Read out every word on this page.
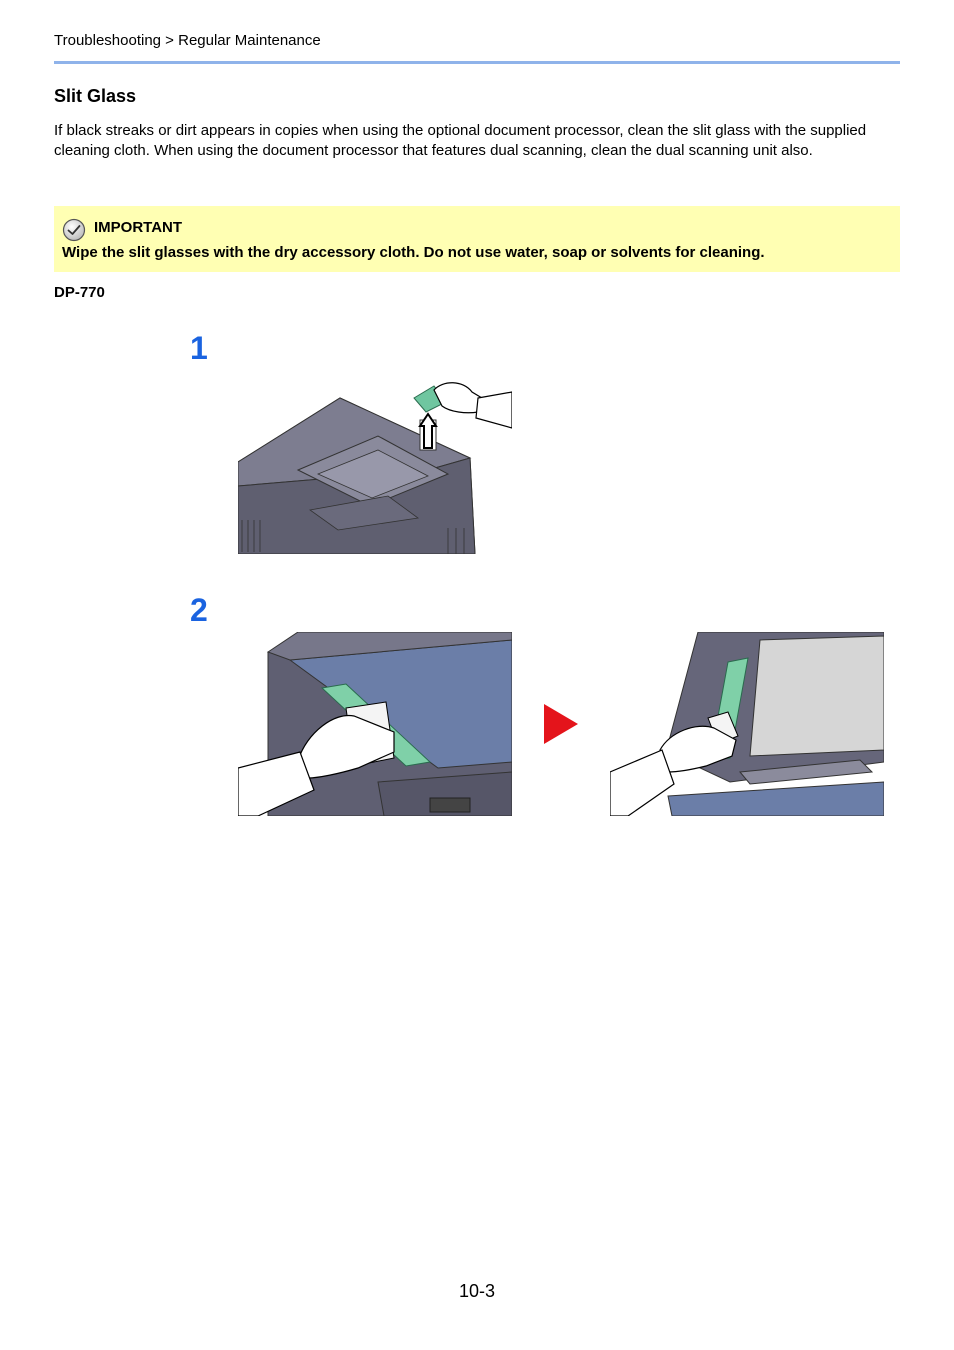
Troubleshooting > Regular Maintenance
Slit Glass

If black streaks or dirt appears in copies when using the optional document processor, clean the slit glass with the supplied cleaning cloth. When using the document processor that features dual scanning, clean the dual scanning unit also.

IMPORTANT
Wipe the slit glasses with the dry accessory cloth. Do not use water, soap or solvents for cleaning.
DP-770
1
2
10-3
